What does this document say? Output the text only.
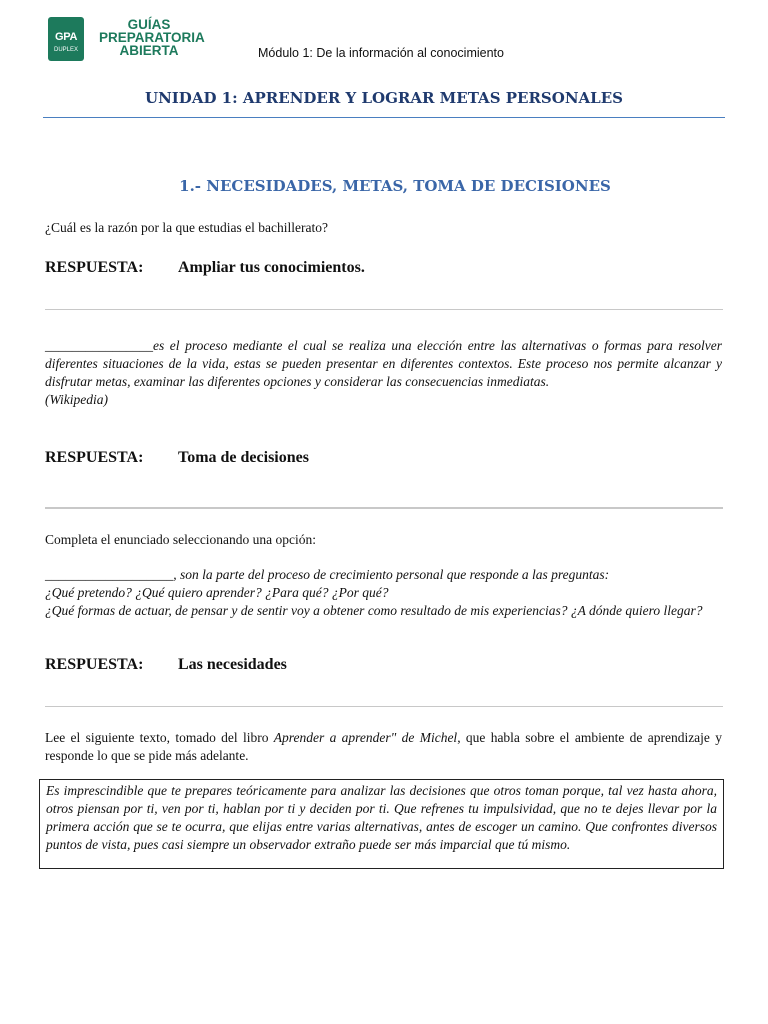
GPA
DUPLEX
GUÍAS
PREPARATORIA
ABIERTA	Módulo 1: De la información al conocimiento
UNIDAD 1: APRENDER Y LOGRAR METAS PERSONALES
1.- NECESIDADES, METAS, TOMA DE DECISIONES
¿Cuál es la razón por la que estudias el bachillerato?
RESPUESTA: Ampliar tus conocimientos.
________________es el proceso mediante el cual se realiza una elección entre las alternativas o formas para resolver diferentes situaciones de la vida, estas se pueden presentar en diferentes contextos. Este proceso nos permite alcanzar y disfrutar metas, examinar las diferentes opciones y considerar las consecuencias inmediatas.
(Wikipedia)
RESPUESTA: Toma de decisiones
Completa el enunciado seleccionando una opción:
___________________, son la parte del proceso de crecimiento personal que responde a las preguntas:
¿Qué pretendo? ¿Qué quiero aprender? ¿Para qué? ¿Por qué?
¿Qué formas de actuar, de pensar y de sentir voy a obtener como resultado de mis experiencias? ¿A dónde quiero llegar?
RESPUESTA: Las necesidades
Lee el siguiente texto, tomado del libro Aprender a aprender" de Michel, que habla sobre el ambiente de aprendizaje y responde lo que se pide más adelante.
Es imprescindible que te prepares teóricamente para analizar las decisiones que otros toman porque, tal vez hasta ahora, otros piensan por ti, ven por ti, hablan por ti y deciden por ti. Que refrenes tu impulsividad, que no te dejes llevar por la primera acción que se te ocurra, que elijas entre varias alternativas, antes de escoger un camino. Que confrontes diversos puntos de vista, pues casi siempre un observador extraño puede ser más imparcial que tú mismo.
